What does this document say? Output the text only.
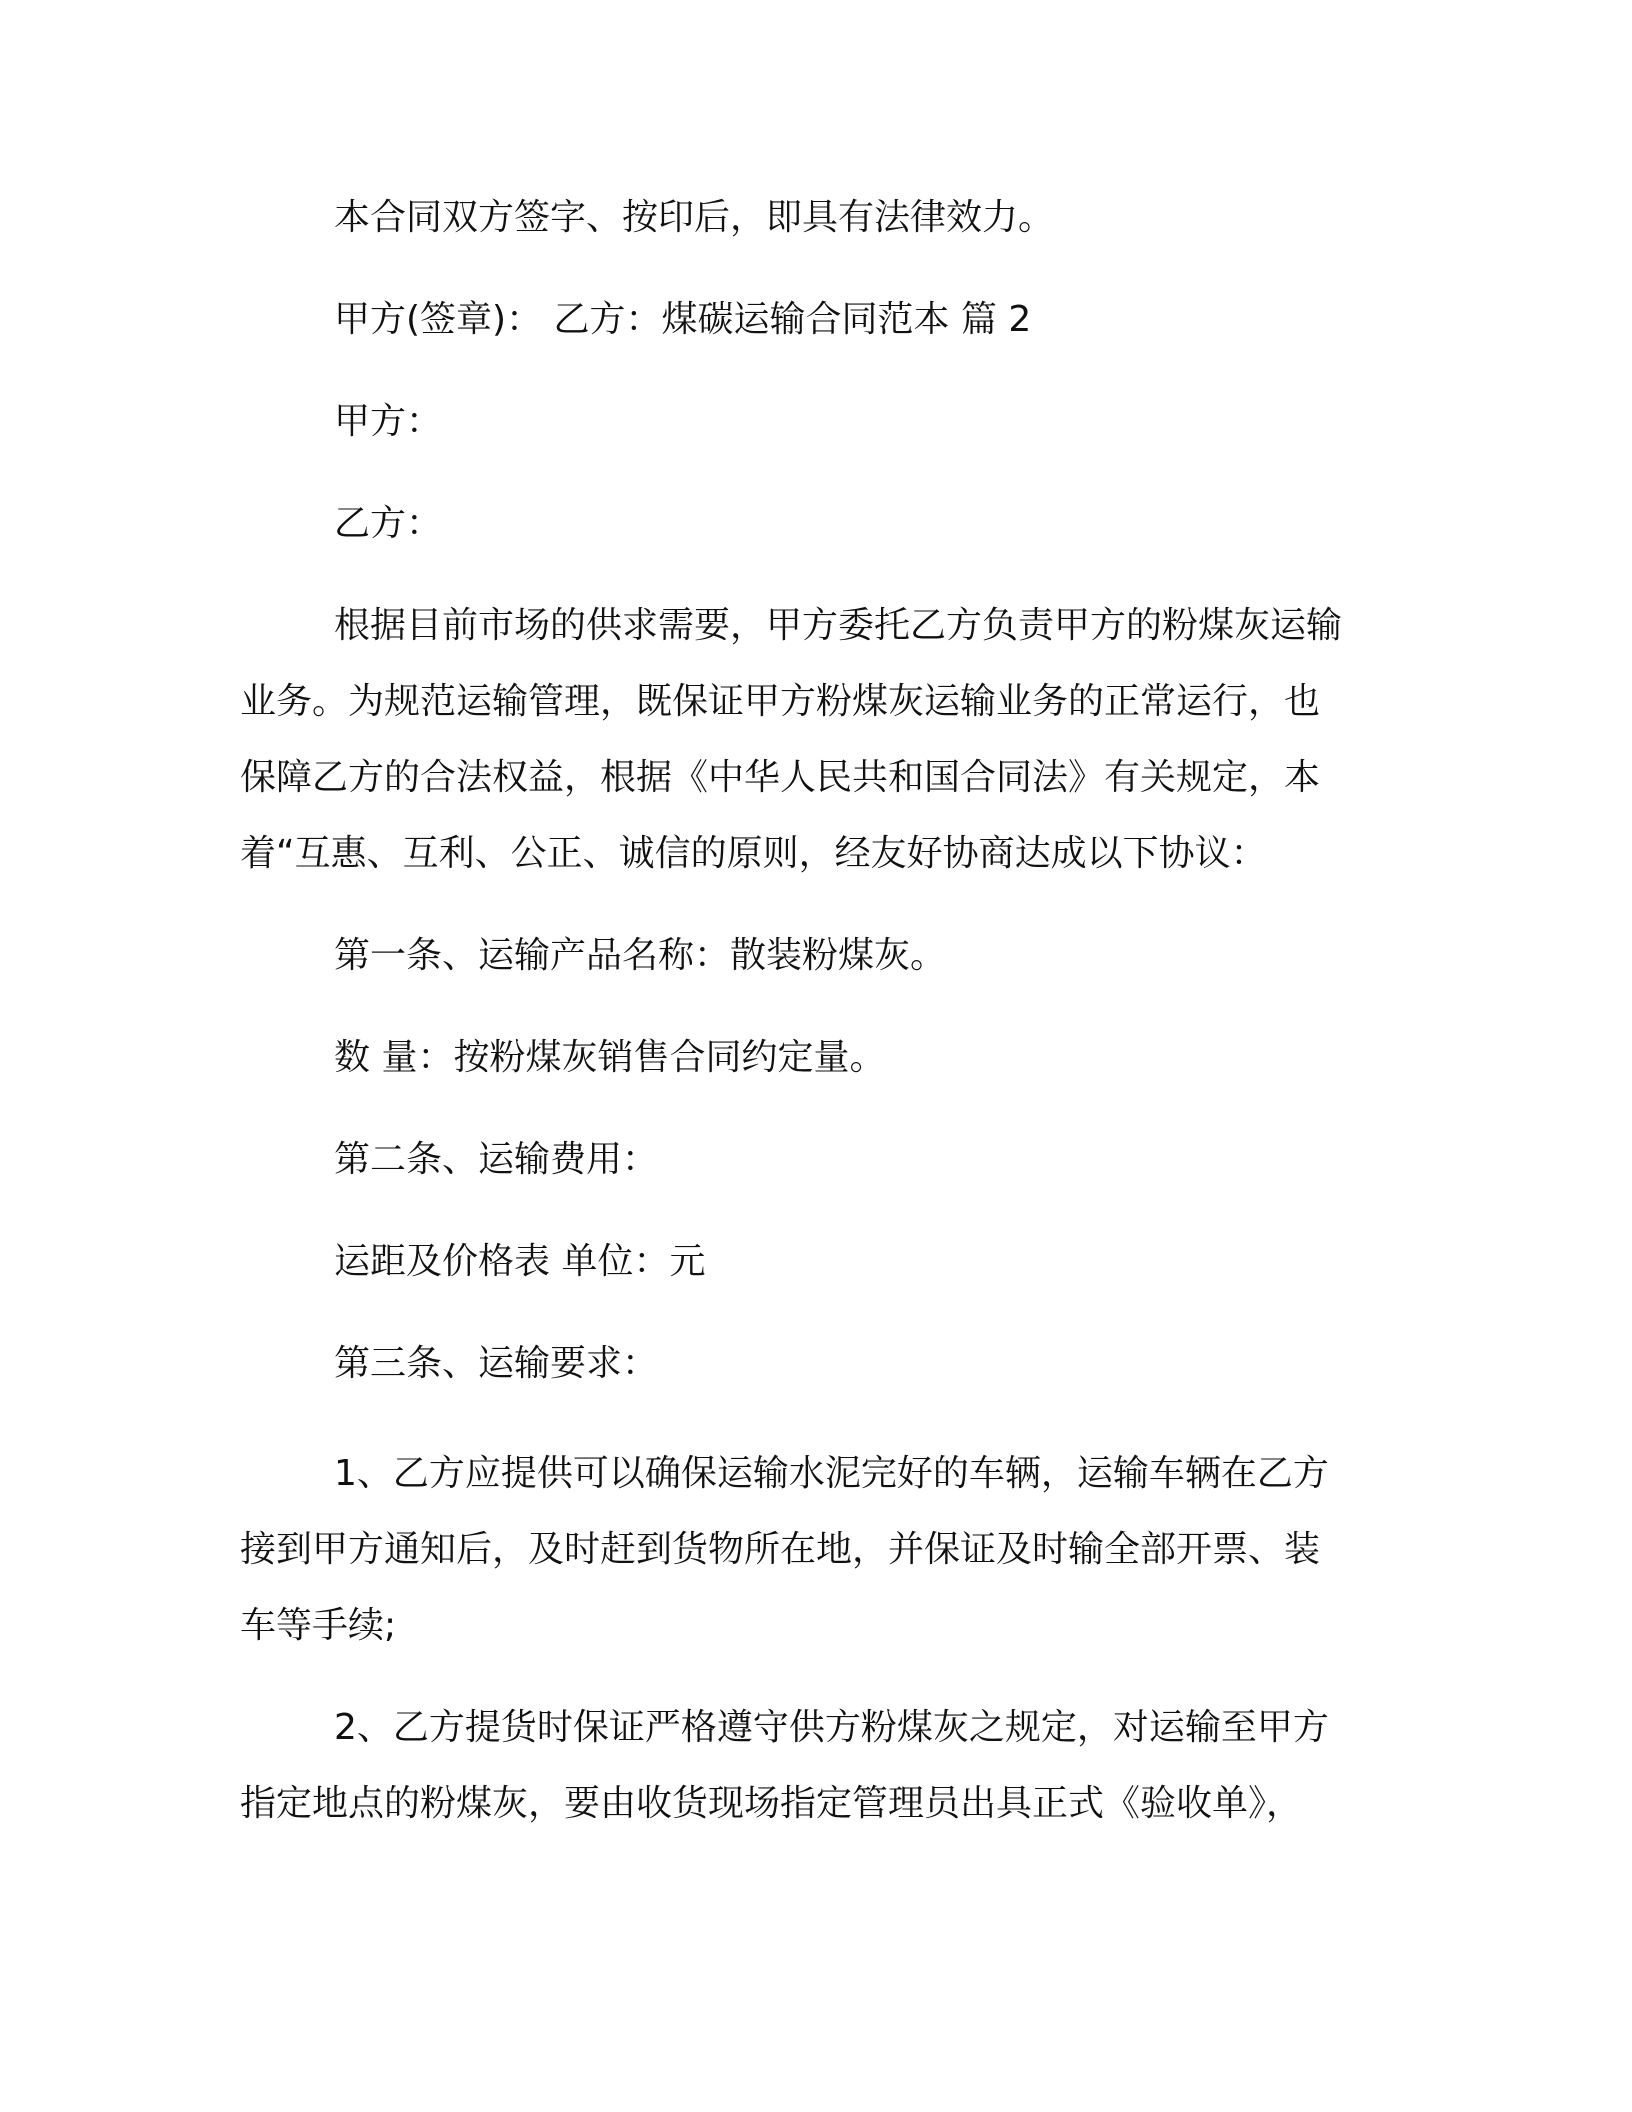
本合同双方签字、按印后，即具有法律效力。
甲方(签章)： 乙方：煤碳运输合同范本 篇 2
甲方：
乙方：
根据目前市场的供求需要，甲方委托乙方负责甲方的粉煤灰运输
业务。为规范运输管理，既保证甲方粉煤灰运输业务的正常运行，也
保障乙方的合法权益，根据《中华人民共和国合同法》有关规定，本
着“互惠、互利、公正、诚信的原则，经友好协商达成以下协议：
第一条、运输产品名称：散装粉煤灰。
数 量：按粉煤灰销售合同约定量。
第二条、运输费用：
运距及价格表 单位：元
第三条、运输要求：
1、乙方应提供可以确保运输水泥完好的车辆，运输车辆在乙方
接到甲方通知后，及时赶到货物所在地，并保证及时输全部开票、装
车等手续;
2、乙方提货时保证严格遵守供方粉煤灰之规定，对运输至甲方
指定地点的粉煤灰，要由收货现场指定管理员出具正式《验收单》，
